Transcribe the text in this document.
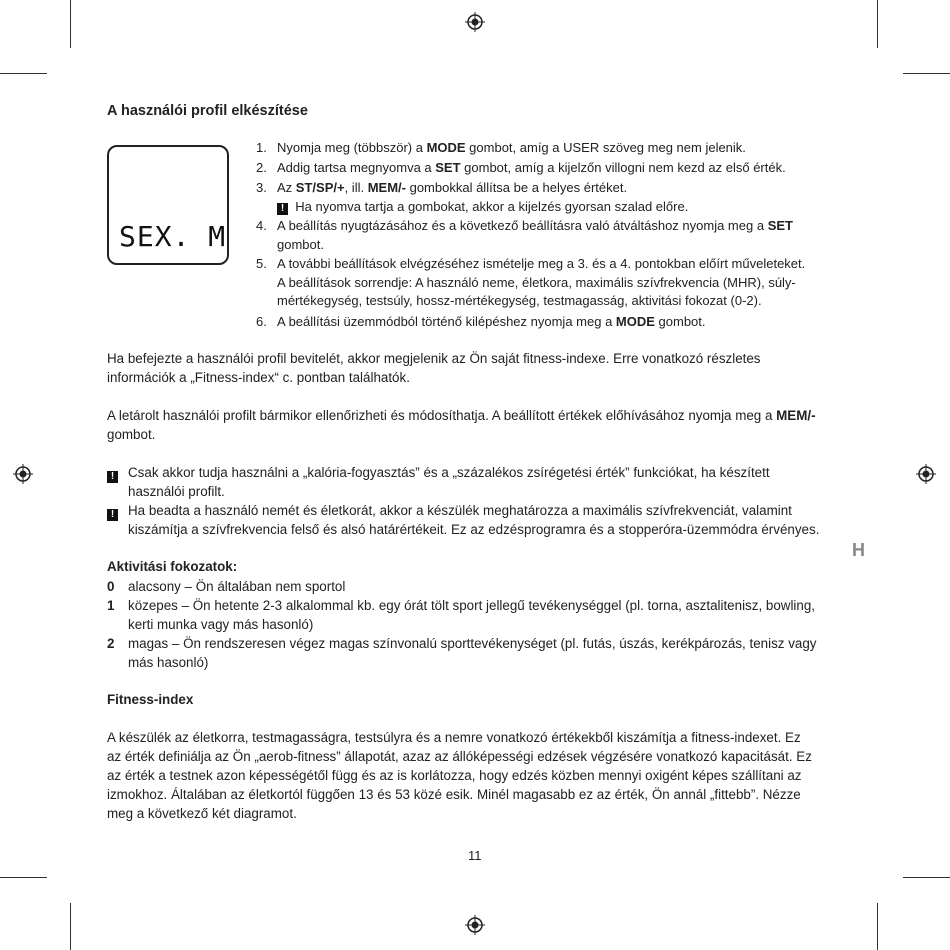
A használói profil elkészítése
SEX. M
1. Nyomja meg (többször) a MODE gombot, amíg a USER szöveg meg nem jelenik.
2. Addig tartsa megnyomva a SET gombot, amíg a kijelzőn villogni nem kezd az első érték.
3. Az ST/SP/+, ill. MEM/- gombokkal állítsa be a helyes értéket.
! Ha nyomva tartja a gombokat, akkor a kijelzés gyorsan szalad előre.
4. A beállítás nyugtázásához és a következő beállításra való átváltáshoz nyomja meg a SET
gombot.
5. A további beállítások elvégzéséhez ismételje meg a 3. és a 4. pontokban előírt műveleteket.
A beállítások sorrendje: A használó neme, életkora, maximális szívfrekvencia (MHR), súly-
mértékegység, testsúly, hossz-mértékegység, testmagasság, aktivitási fokozat (0-2).
6. A beállítási üzemmódból történő kilépéshez nyomja meg a MODE gombot.

Ha befejezte a használói profil bevitelét, akkor megjelenik az Ön saját fitness-indexe. Erre vonatkozó részletes
információk a „Fitness-index“ c. pontban találhatók.

A letárolt használói profilt bármikor ellenőrizheti és módosíthatja. A beállított értékek előhívásához nyomja meg a MEM/-
gombot.

! Csak akkor tudja használni a „kalória-fogyasztás” és a „százalékos zsírégetési érték” funkciókat, ha készített
használói profilt.

! Ha beadta a használó nemét és életkorát, akkor a készülék meghatározza a maximális szívfrekvenciát, valamint
kiszámítja a szívfrekvencia felső és alsó határértékeit. Ez az edzésprogramra és a stopperóra-üzemmódra érvényes.

H

Aktivitási fokozatok:

0 alacsony – Ön általában nem sportol

1 közepes – Ön hetente 2-3 alkalommal kb. egy órát tölt sport jellegű tevékenységgel (pl. torna, asztalitenisz, bowling,
kerti munka vagy más hasonló)

2 magas – Ön rendszeresen végez magas színvonalú sporttevékenységet (pl. futás, úszás, kerékpározás, tenisz vagy
más hasonló)

Fitness-index

A készülék az életkorra, testmagasságra, testsúlyra és a nemre vonatkozó értékekből kiszámítja a fitness-indexet. Ez
az érték definiálja az Ön „aerob-fitness” állapotát, azaz az állóképességi edzések végzésére vonatkozó kapacitását. Ez
az érték a testnek azon képességétől függ és az is korlátozza, hogy edzés közben mennyi oxigént képes szállítani az
izmokhoz. Általában az életkortól függően 13 és 53 közé esik. Minél magasabb ez az érték, Ön annál „fittebb”. Nézze
meg a következő két diagramot.

11
